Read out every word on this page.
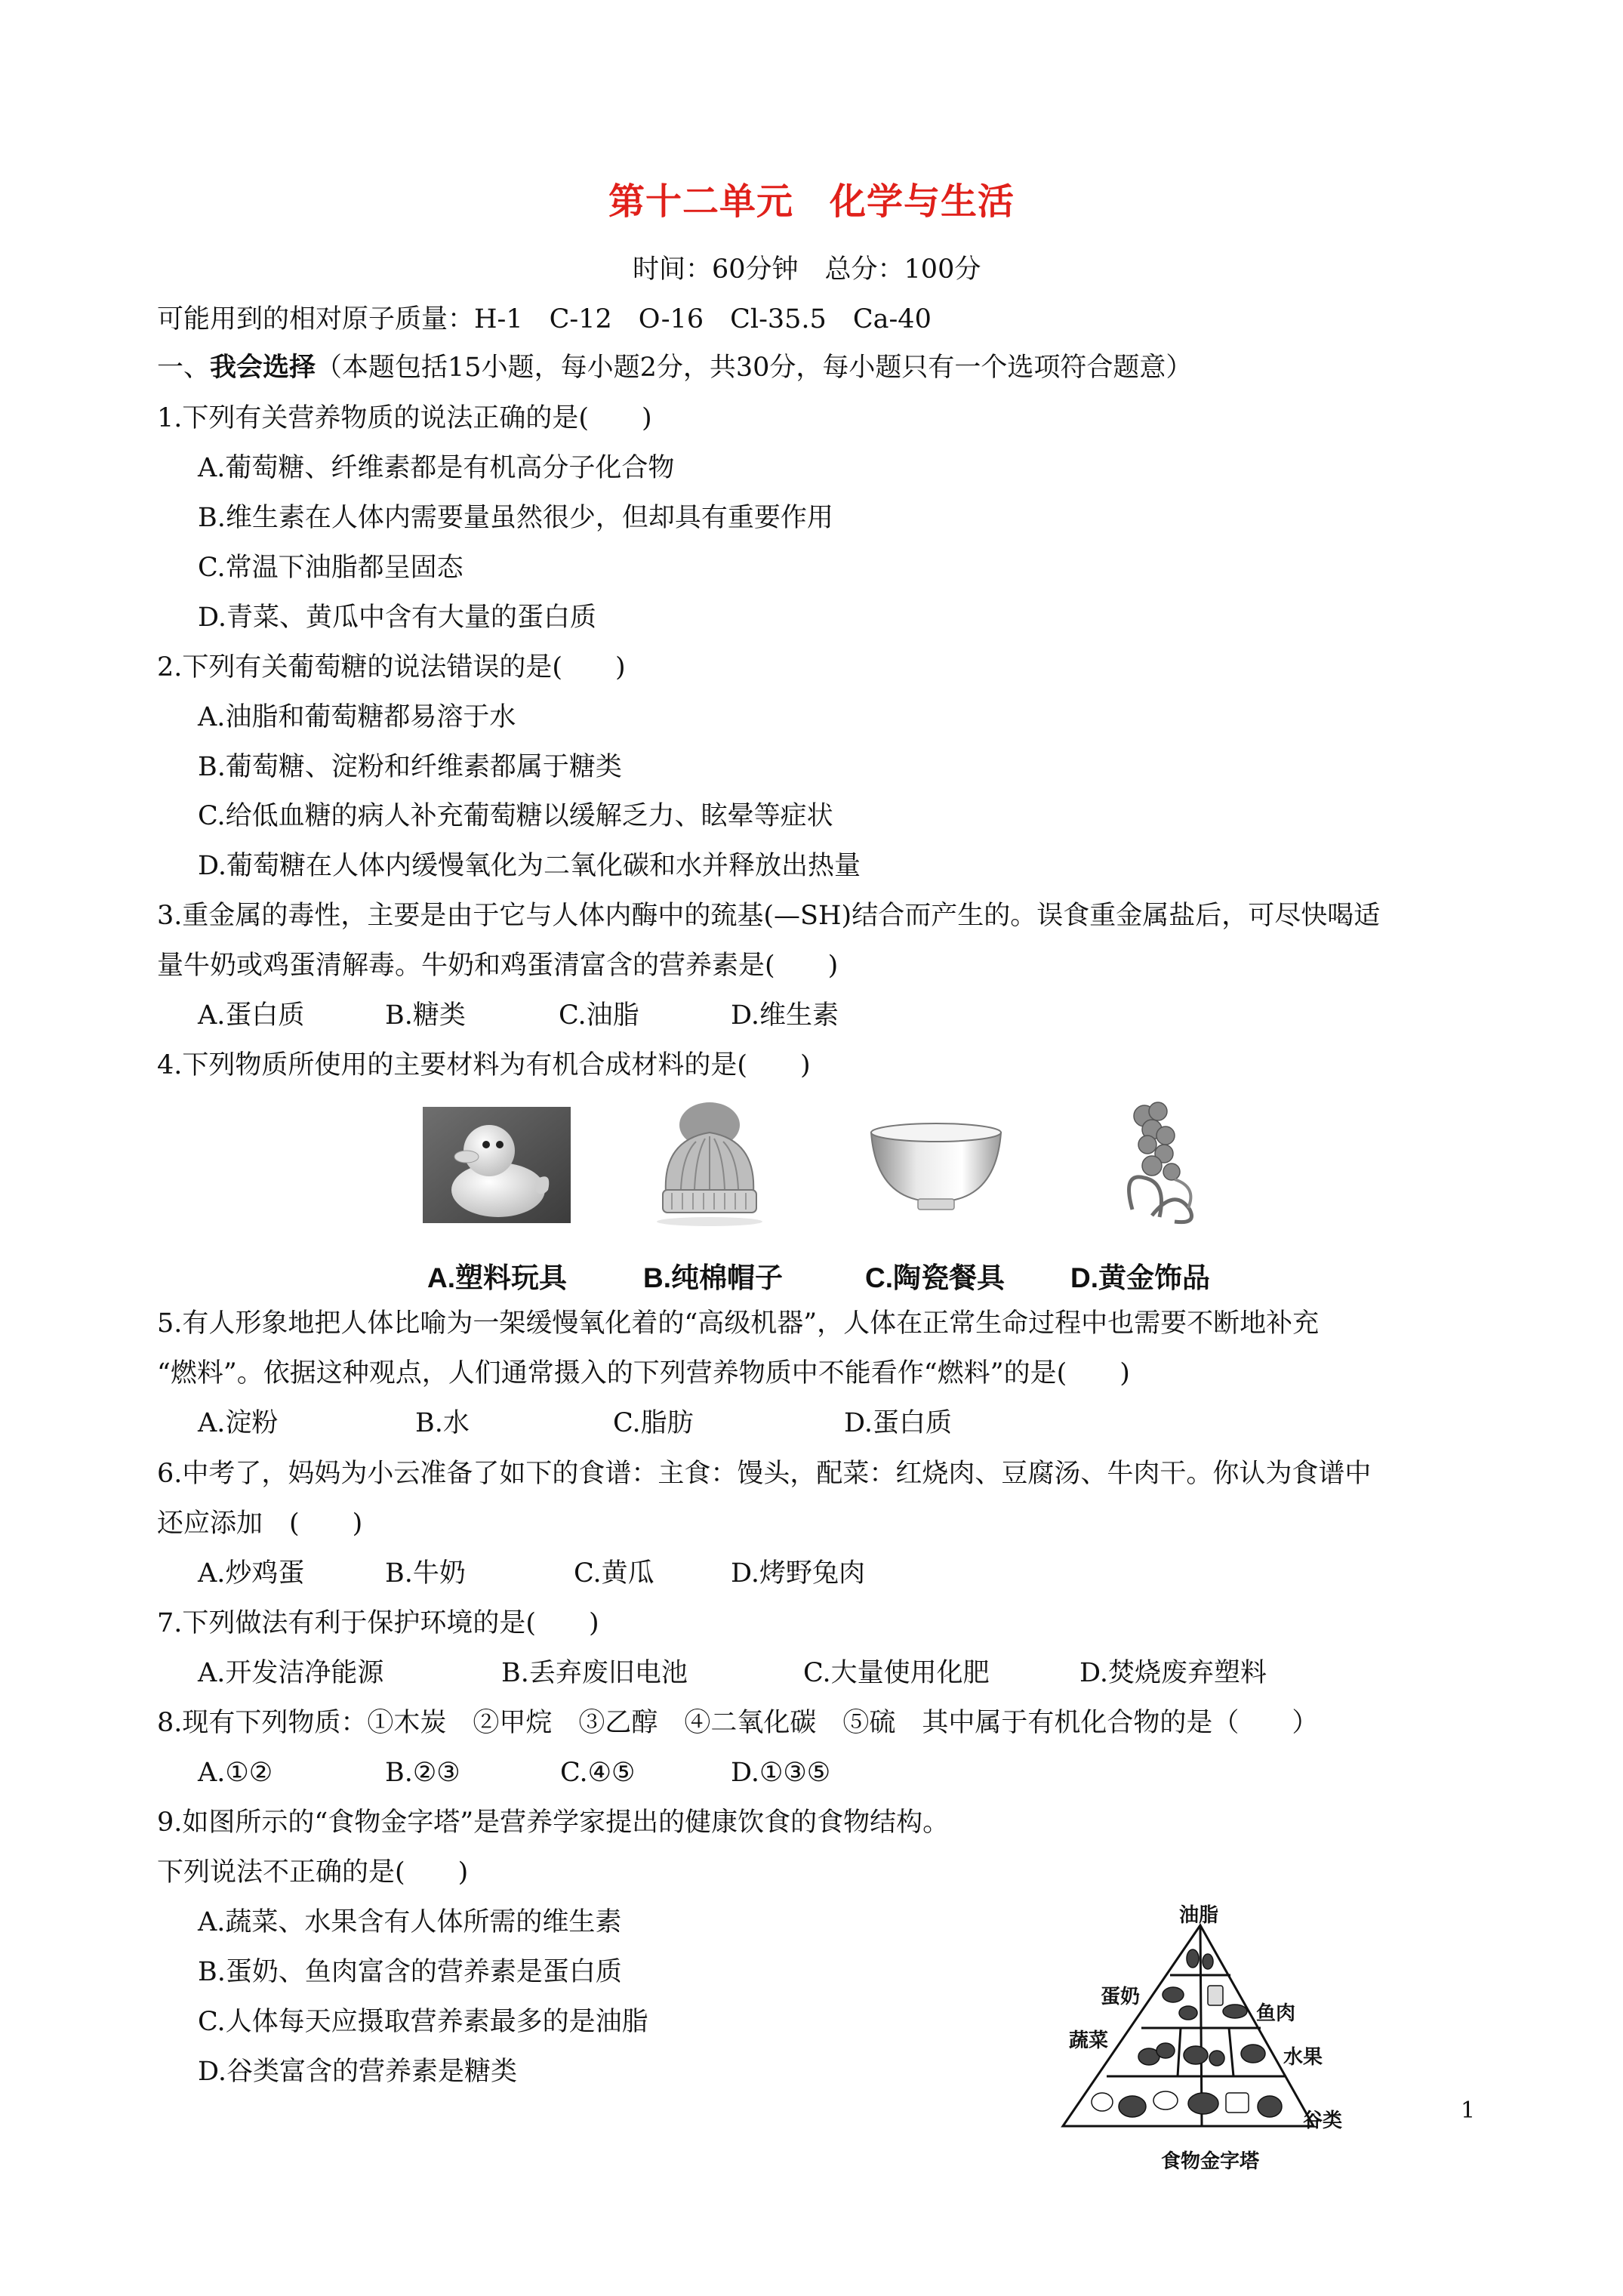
第十二单元 化学与生活
时间：60分钟　总分：100分
可能用到的相对原子质量：H-1　C-12　O-16　Cl-35.5　Ca-40
一、我会选择（本题包括15小题，每小题2分，共30分，每小题只有一个选项符合题意）
1.下列有关营养物质的说法正确的是(　　)
A.葡萄糖、纤维素都是有机高分子化合物
B.维生素在人体内需要量虽然很少，但却具有重要作用
C.常温下油脂都呈固态
D.青菜、黄瓜中含有大量的蛋白质
2.下列有关葡萄糖的说法错误的是(　　)
A.油脂和葡萄糖都易溶于水
B.葡萄糖、淀粉和纤维素都属于糖类
C.给低血糖的病人补充葡萄糖以缓解乏力、眩晕等症状
D.葡萄糖在人体内缓慢氧化为二氧化碳和水并释放出热量
3.重金属的毒性，主要是由于它与人体内酶中的巯基(—SH)结合而产生的。误食重金属盐后，可尽快喝适
量牛奶或鸡蛋清解毒。牛奶和鸡蛋清富含的营养素是(　　)
A.蛋白质	B.糖类	C.油脂	D.维生素
4.下列物质所使用的主要材料为有机合成材料的是(　　)
A.塑料玩具	B.纯棉帽子	C.陶瓷餐具 D.黄金饰品
5.有人形象地把人体比喻为一架缓慢氧化着的“高级机器”，人体在正常生命过程中也需要不断地补充
“燃料”。依据这种观点，人们通常摄入的下列营养物质中不能看作“燃料”的是(　　)
A.淀粉	B.水	C.脂肪	D.蛋白质
6.中考了，妈妈为小云准备了如下的食谱：主食：馒头，配菜：红烧肉、豆腐汤、牛肉干。你认为食谱中
还应添加　(　　)
A.炒鸡蛋	B.牛奶	C.黄瓜	D.烤野兔肉
7.下列做法有利于保护环境的是(　　)
A.开发洁净能源	B.丢弃废旧电池	C.大量使用化肥	D.焚烧废弃塑料
8.现有下列物质：①木炭　②甲烷　③乙醇　④二氧化碳　⑤硫　其中属于有机化合物的是（　　）
A.①②	B.②③	C.④⑤	D.①③⑤
9.如图所示的“食物金字塔”是营养学家提出的健康饮食的食物结构。
下列说法不正确的是(　　)
A.蔬菜、水果含有人体所需的维生素
B.蛋奶、鱼肉富含的营养素是蛋白质
C.人体每天应摄取营养素最多的是油脂
D.谷类富含的营养素是糖类
油脂
蛋奶
鱼肉
蔬菜
水果
谷类
食物金字塔
1
